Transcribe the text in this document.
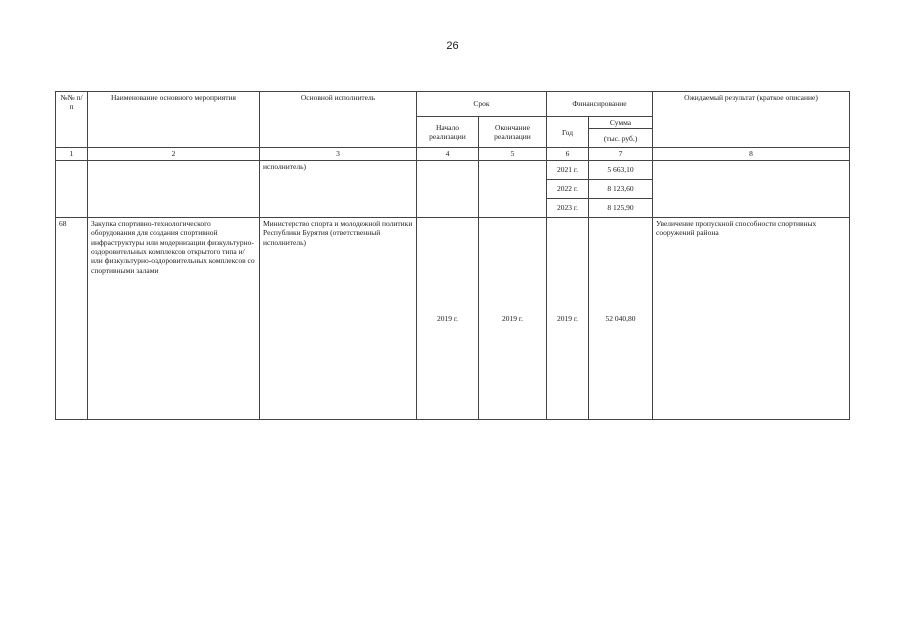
26
№№ п/п	Наименование основного мероприятия	Основной исполнитель	Срок		Финансирование		Ожидаемый результат (краткое описание)
			Начало реализации	Окончание реализации	Год	Сумма	
						(тыс. руб.)	
1	2	3	4	5	6	7	8
		исполнитель)			2021 г.	5 663,10	
					2022 г.	8 123,60	
					2023 г.	8 125,90	
68	Закупка спортивно-технологического оборудования для создания спортивной инфраструктуры или модернизации физкультурно-оздоровительных комплексов открытого типа и/или физкультурно-оздоровительных комплексов со спортивными залами	Министерство спорта и молодежной политики Республики Бурятия (ответственный исполнитель)	2019 г.	2019 г.	2019 г.	52 040,80	Увеличение пропускной способности спортивных сооружений района
